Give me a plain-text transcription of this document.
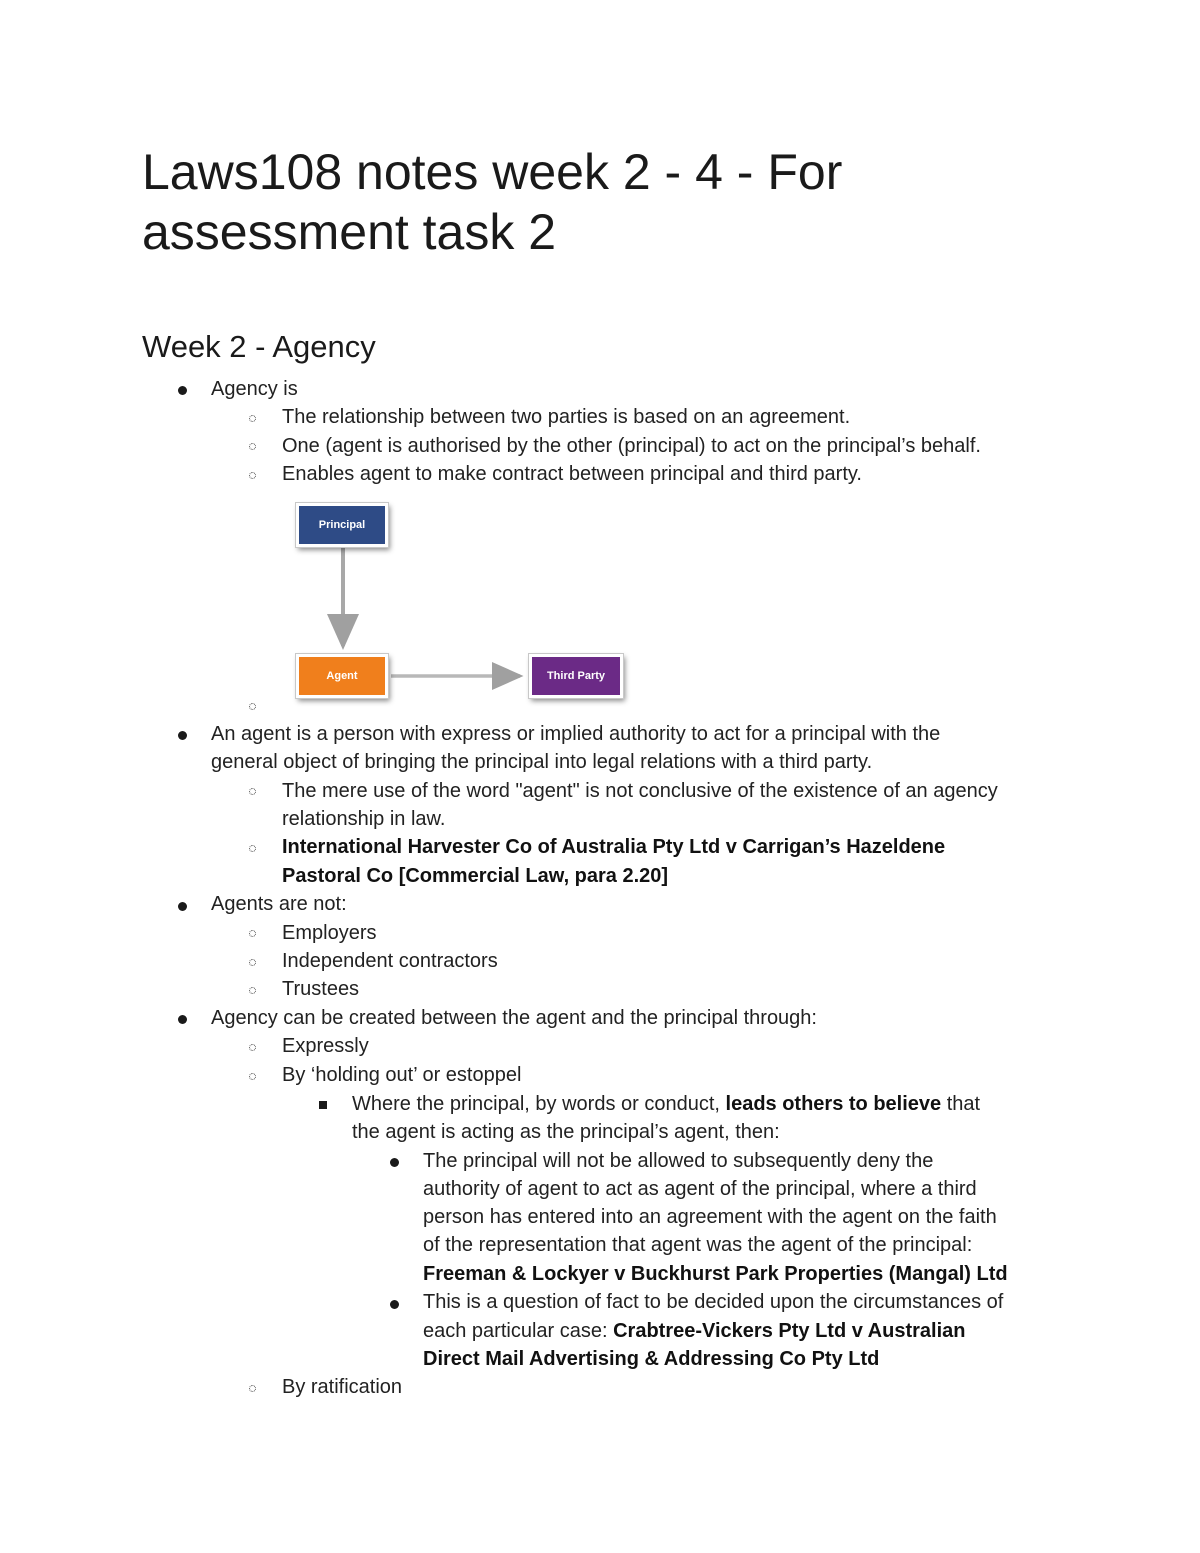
Laws108 notes week 2 - 4 - For assessment task 2
Week 2 - Agency
Agency is
The relationship between two parties is based on an agreement.
One (agent is authorised by the other (principal) to act on the principal’s behalf.
Enables agent to make contract between principal and third party.
Principal
Agent	Third Party
An agent is a person with express or implied authority to act for a principal with the
general object of bringing the principal into legal relations with a third party.
The mere use of the word "agent" is not conclusive of the existence of an agency
relationship in law.
International Harvester Co of Australia Pty Ltd v Carrigan’s Hazeldene
Pastoral Co [Commercial Law, para 2.20]
Agents are not:
Employers
Independent contractors
Trustees
Agency can be created between the agent and the principal through:
Expressly
By ‘holding out’ or estoppel
Where the principal, by words or conduct, leads others to believe that
the agent is acting as the principal’s agent, then:
The principal will not be allowed to subsequently deny the
authority of agent to act as agent of the principal, where a third
person has entered into an agreement with the agent on the faith
of the representation that agent was the agent of the principal:
Freeman & Lockyer v Buckhurst Park Properties (Mangal) Ltd
This is a question of fact to be decided upon the circumstances of
each particular case: Crabtree-Vickers Pty Ltd v Australian
Direct Mail Advertising & Addressing Co Pty Ltd
By ratification
